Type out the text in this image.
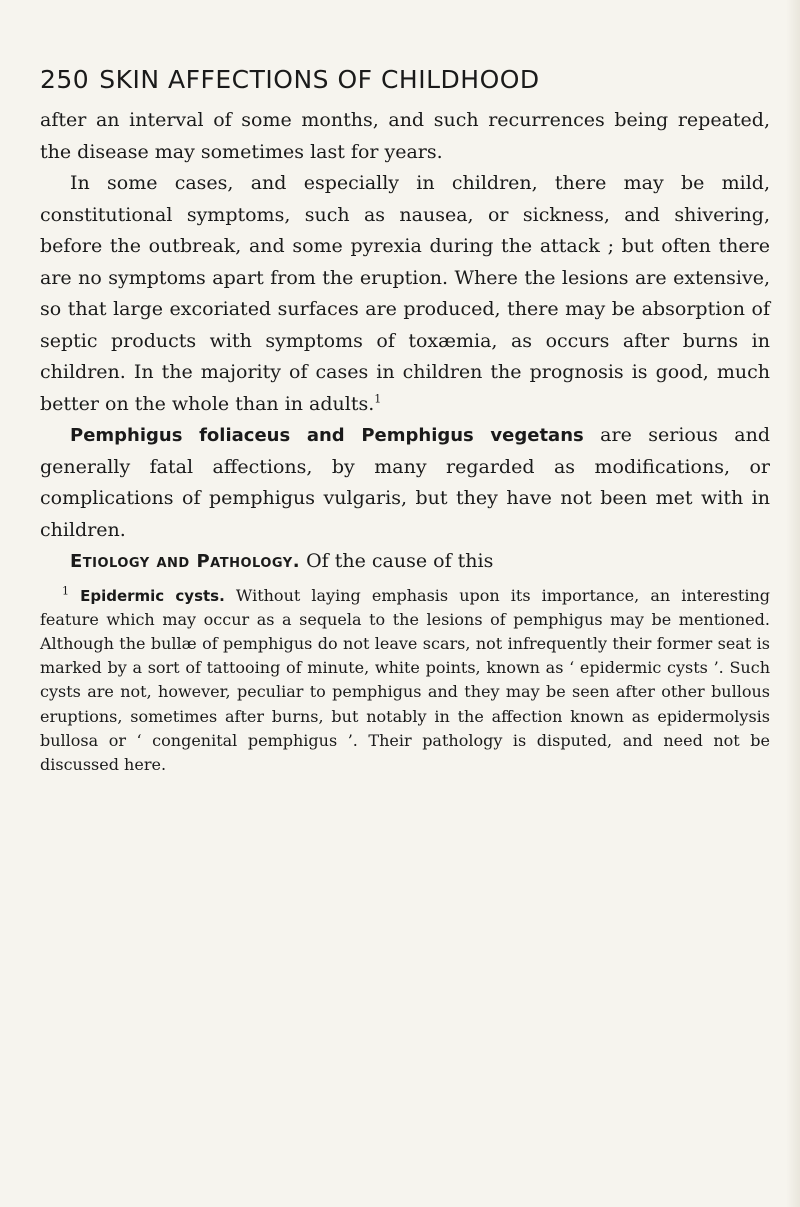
250 SKIN AFFECTIONS OF CHILDHOOD

after an interval of some months, and such recurrences being repeated, the disease may sometimes last for years.

In some cases, and especially in children, there may be mild, constitutional symptoms, such as nausea, or sickness, and shivering, before the outbreak, and some pyrexia during the attack ; but often there are no symptoms apart from the eruption. Where the lesions are extensive, so that large excoriated surfaces are produced, there may be absorption of septic products with symptoms of toxæmia, as occurs after burns in children. In the majority of cases in children the prognosis is good, much better on the whole than in adults.$^1$

Pemphigus foliaceus and Pemphigus vegetans are serious and generally fatal affections, by many regarded as modifications, or complications of pemphigus vulgaris, but they have not been met with in children.

Etiology and Pathology. Of the cause of this

$^1$ Epidermic cysts. Without laying emphasis upon its importance, an interesting feature which may occur as a sequela to the lesions of pemphigus may be mentioned. Although the bullæ of pemphigus do not leave scars, not infrequently their former seat is marked by a sort of tattooing of minute, white points, known as ‘ epidermic cysts ’. Such cysts are not, however, peculiar to pemphigus and they may be seen after other bullous eruptions, sometimes after burns, but notably in the affection known as epidermolysis bullosa or ‘ congenital pemphigus ’. Their pathology is disputed, and need not be discussed here.
